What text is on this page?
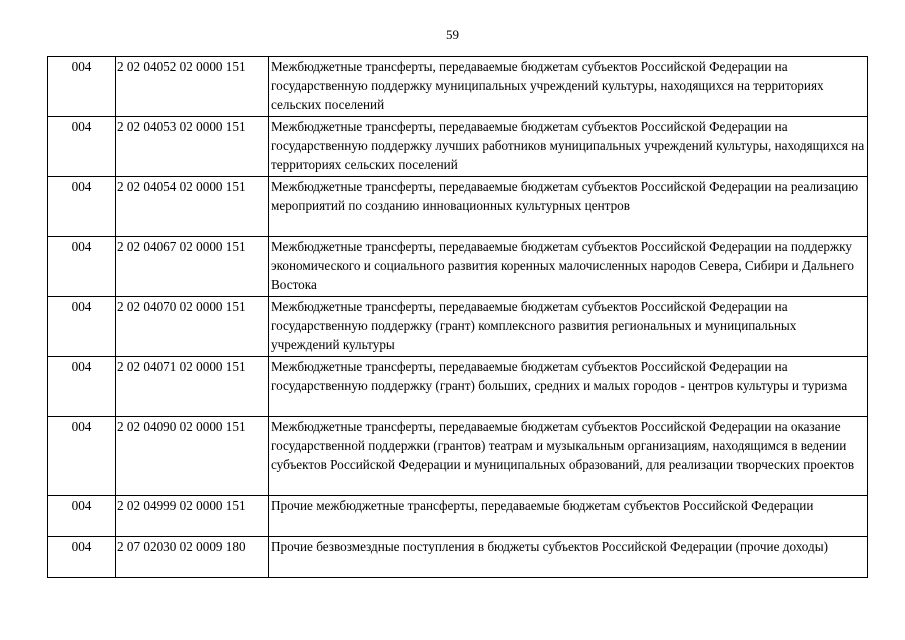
59
004	2 02 04052 02 0000 151	Межбюджетные трансферты, передаваемые бюджетам субъектов Российской Федерации на государственную поддержку муниципальных учреждений культуры, находящихся на территориях сельских поселений
004	2 02 04053 02 0000 151	Межбюджетные трансферты, передаваемые бюджетам субъектов Российской Федерации на государственную поддержку лучших работников муниципальных учреждений культуры, находящихся на территориях сельских поселений
004	2 02 04054 02 0000 151	Межбюджетные трансферты, передаваемые бюджетам субъектов Российской Федерации на реализацию мероприятий по созданию инновационных культурных центров
004	2 02 04067 02 0000 151	Межбюджетные трансферты, передаваемые бюджетам субъектов Российской Федерации на поддержку экономического и социального развития коренных малочисленных народов Севера, Сибири и Дальнего Востока
004	2 02 04070 02 0000 151	Межбюджетные трансферты, передаваемые бюджетам субъектов Российской Федерации на государственную поддержку (грант) комплексного развития региональных и муниципальных учреждений культуры
004	2 02 04071 02 0000 151	Межбюджетные трансферты, передаваемые бюджетам субъектов Российской Федерации на государственную поддержку (грант) больших, средних и малых городов - центров культуры и туризма
004	2 02 04090 02 0000 151	Межбюджетные трансферты, передаваемые бюджетам субъектов Российской Федерации на оказание государственной поддержки (грантов) театрам и музыкальным организациям, находящимся в ведении субъектов Российской Федерации и муниципальных образований, для реализации творческих проектов
004	2 02 04999 02 0000 151	Прочие межбюджетные трансферты, передаваемые бюджетам субъектов Российской Федерации
004	2 07 02030 02 0009 180	Прочие безвозмездные поступления в бюджеты субъектов Российской Федерации (прочие доходы)
